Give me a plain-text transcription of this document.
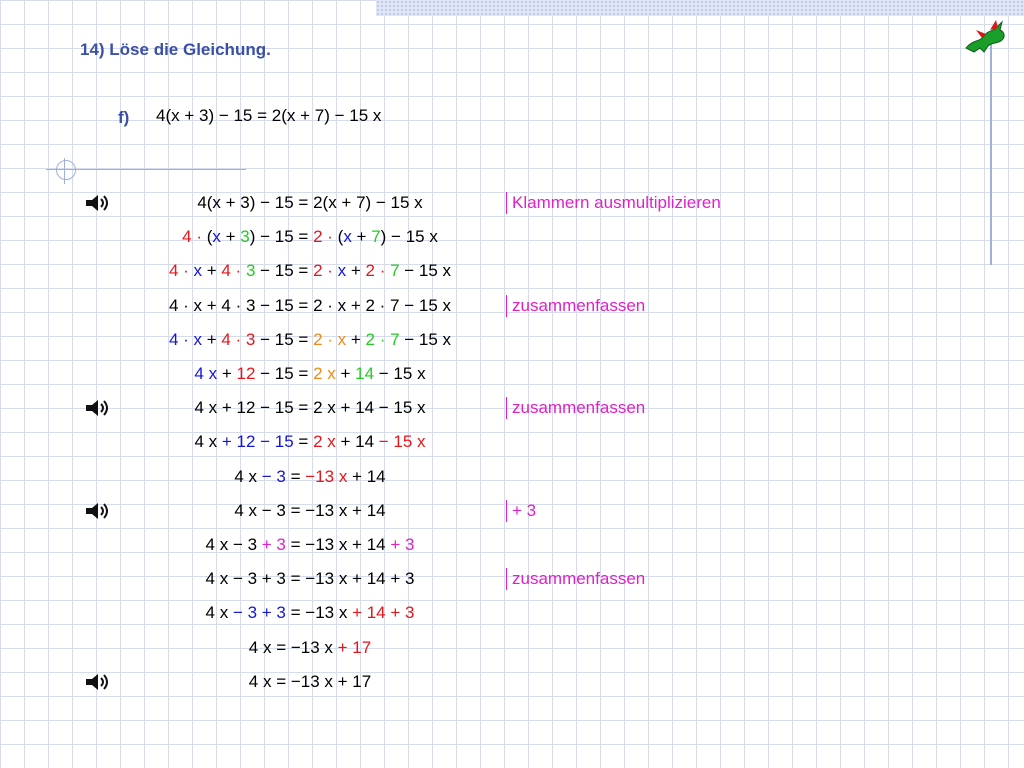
14) Löse die Gleichung.
f) 4(x + 3) − 15 = 2(x + 7) − 15 x
4(x + 3) − 15 = 2(x + 7) − 15 x	Klammern ausmultiplizieren
4 · (x + 3) − 15 = 2 · (x + 7) − 15 x
4 · x + 4 · 3 − 15 = 2 · x + 2 · 7 − 15 x
4 · x + 4 · 3 − 15 = 2 · x + 2 · 7 − 15 x	zusammenfassen
4 · x + 4 · 3 − 15 = 2 · x + 2 · 7 − 15 x
4 x + 12 − 15 = 2 x + 14 − 15 x
4 x + 12 − 15 = 2 x + 14 − 15 x	zusammenfassen
4 x + 12 − 15 = 2 x + 14 − 15 x
4 x − 3 = −13 x + 14
4 x − 3 = −13 x + 14	+ 3
4 x − 3 + 3 = −13 x + 14 + 3
4 x − 3 + 3 = −13 x + 14 + 3	zusammenfassen
4 x − 3 + 3 = −13 x + 14 + 3
4 x = −13 x + 17
4 x = −13 x + 17
